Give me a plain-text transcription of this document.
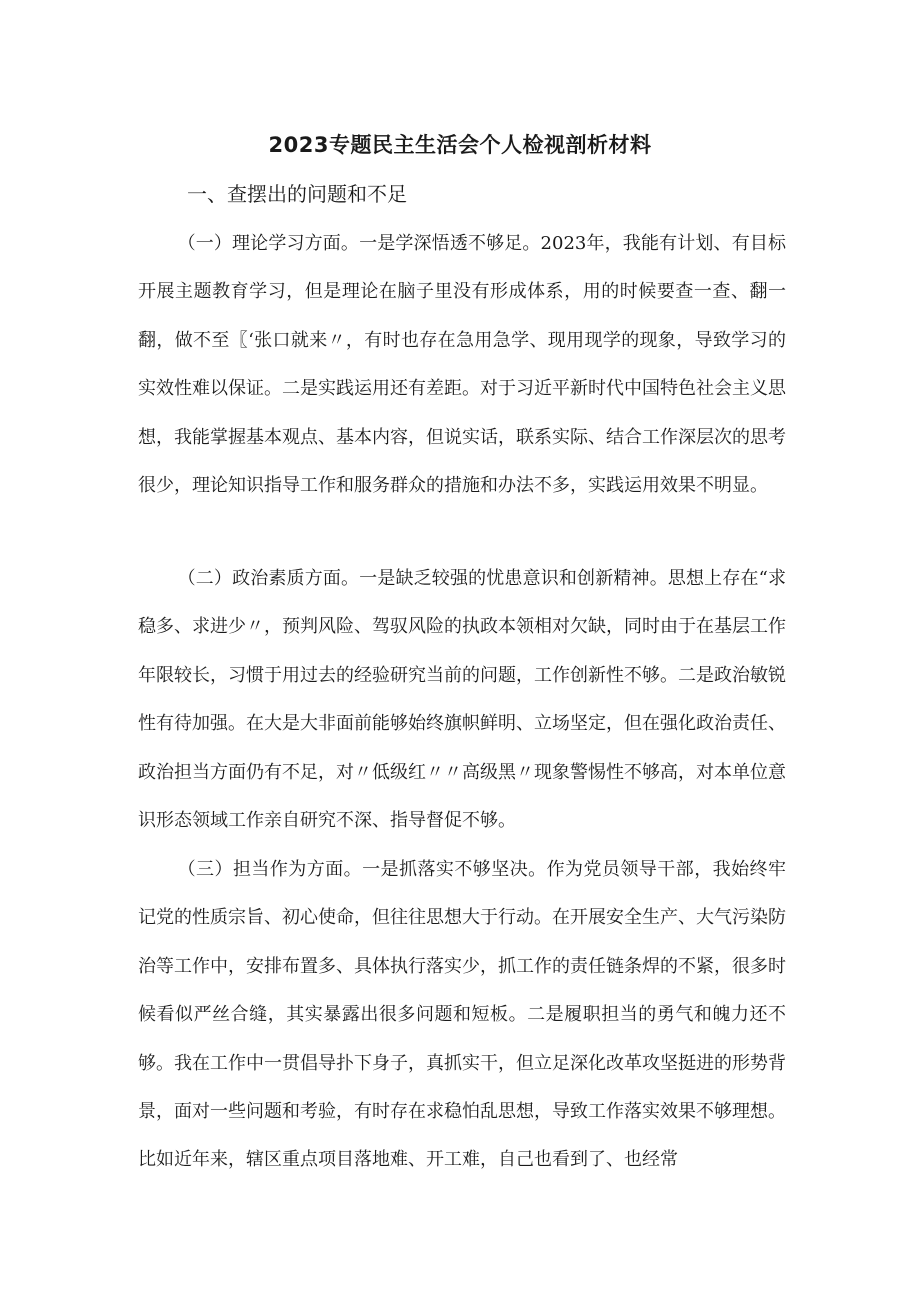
2023专题民主生活会个人检视剖析材料
一、查摆出的问题和不足
（一）理论学习方面。一是学深悟透不够足。2023年，我能有计划、有目标开展主题教育学习，但是理论在脑子里没有形成体系，用的时候要查一查、翻一翻，做不至〖‘张口就来〃，有时也存在急用急学、现用现学的现象，导致学习的实效性难以保证。二是实践运用还有差距。对于习近平新时代中国特色社会主义思想，我能掌握基本观点、基本内容，但说实话，联系实际、结合工作深层次的思考很少，理论知识指导工作和服务群众的措施和办法不多，实践运用效果不明显。
（二）政治素质方面。一是缺乏较强的忧患意识和创新精神。思想上存在“求稳多、求进少〃，预判风险、驾驭风险的执政本领相对欠缺，同时由于在基层工作年限较长，习惯于用过去的经验研究当前的问题，工作创新性不够。二是政治敏锐性有待加强。在大是大非面前能够始终旗帜鲜明、立场坚定，但在强化政治责任、政治担当方面仍有不足，对〃低级红〃〃高级黑〃现象警惕性不够高，对本单位意识形态领域工作亲自研究不深、指导督促不够。
（三）担当作为方面。一是抓落实不够坚决。作为党员领导干部，我始终牢记党的性质宗旨、初心使命，但往往思想大于行动。在开展安全生产、大气污染防治等工作中，安排布置多、具体执行落实少，抓工作的责任链条焊的不紧，很多时候看似严丝合缝，其实暴露出很多问题和短板。二是履职担当的勇气和魄力还不够。我在工作中一贯倡导扑下身子，真抓实干，但立足深化改革攻坚挺进的形势背景，面对一些问题和考验，有时存在求稳怕乱思想，导致工作落实效果不够理想。比如近年来，辖区重点项目落地难、开工难，自己也看到了、也经常
